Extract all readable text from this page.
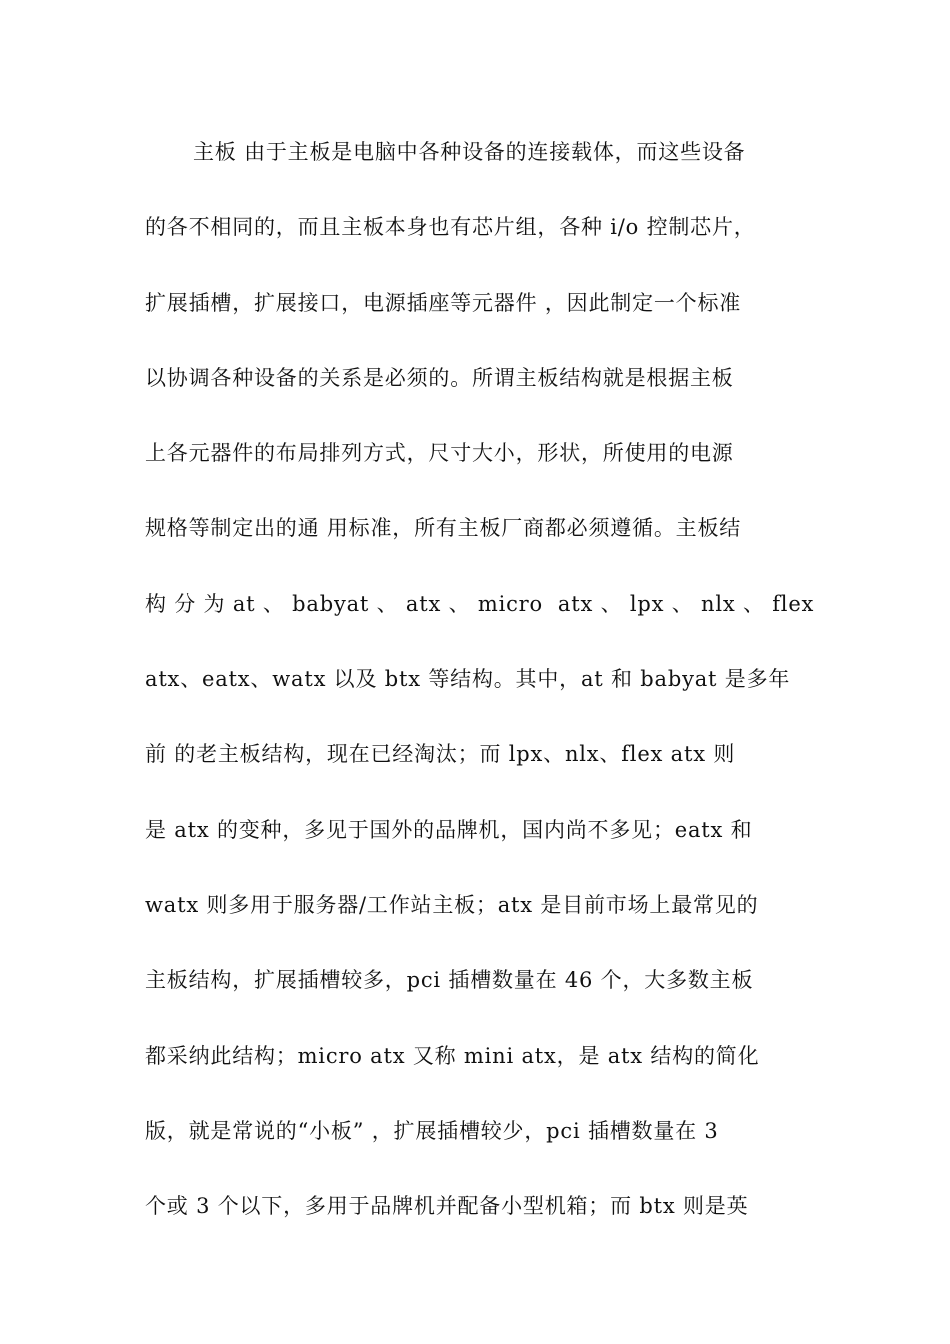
主板 由于主板是电脑中各种设备的连接载体，而这些设备
的各不相同的，而且主板本身也有芯片组，各种 i/o 控制芯片，
扩展插槽，扩展接口，电源插座等元器件 ，因此制定一个标准
以协调各种设备的关系是必须的。所谓主板结构就是根据主板
上各元器件的布局排列方式，尺寸大小，形状，所使用的电源
规格等制定出的通 用标准，所有主板厂商都必须遵循。主板结
构 分 为 at 、 babyat 、 atx 、 micro  atx 、 lpx 、 nlx 、 flex
atx、eatx、watx 以及 btx 等结构。其中，at 和 babyat 是多年
前 的老主板结构，现在已经淘汰；而 lpx、nlx、flex atx 则
是 atx 的变种，多见于国外的品牌机，国内尚不多见；eatx 和
watx 则多用于服务器/工作站主板；atx 是目前市场上最常见的
主板结构，扩展插槽较多，pci 插槽数量在 46 个，大多数主板
都采纳此结构；micro atx 又称 mini atx，是 atx 结构的简化
版，就是常说的“小板” ，扩展插槽较少，pci 插槽数量在 3
个或 3 个以下，多用于品牌机并配备小型机箱；而 btx 则是英
